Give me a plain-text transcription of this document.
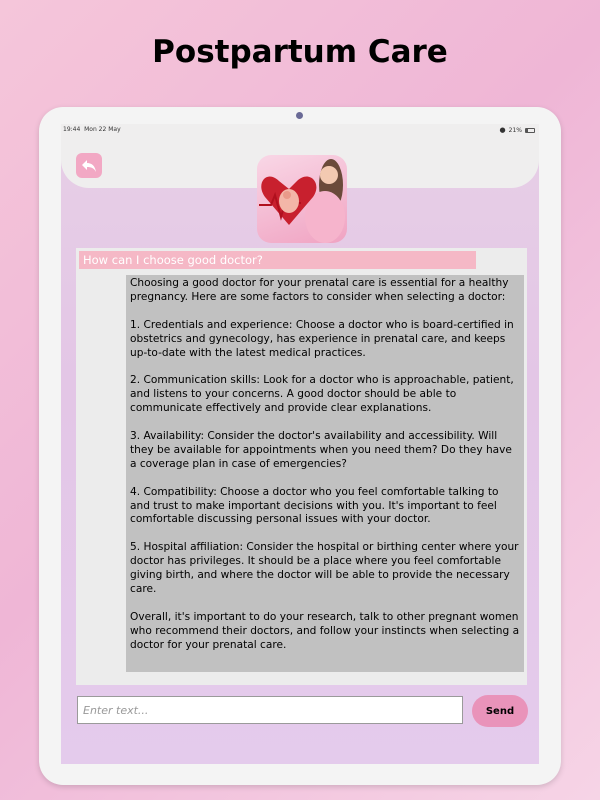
Postpartum Care
19:44 Mon 22 May	● 21%
How can I choose good doctor?
Choosing a good doctor for your prenatal care is essential for a healthy pregnancy. Here are some factors to consider when selecting a doctor:

1. Credentials and experience: Choose a doctor who is board-certified in obstetrics and gynecology, has experience in prenatal care, and keeps up-to-date with the latest medical practices.

2. Communication skills: Look for a doctor who is approachable, patient, and listens to your concerns. A good doctor should be able to communicate effectively and provide clear explanations.

3. Availability: Consider the doctor's availability and accessibility. Will they be available for appointments when you need them? Do they have a coverage plan in case of emergencies?

4. Compatibility: Choose a doctor who you feel comfortable talking to and trust to make important decisions with you. It's important to feel comfortable discussing personal issues with your doctor.

5. Hospital affiliation: Consider the hospital or birthing center where your doctor has privileges. It should be a place where you feel comfortable giving birth, and where the doctor will be able to provide the necessary care.

Overall, it's important to do your research, talk to other pregnant women who recommend their doctors, and follow your instincts when selecting a doctor for your prenatal care.
Enter text...
Send
